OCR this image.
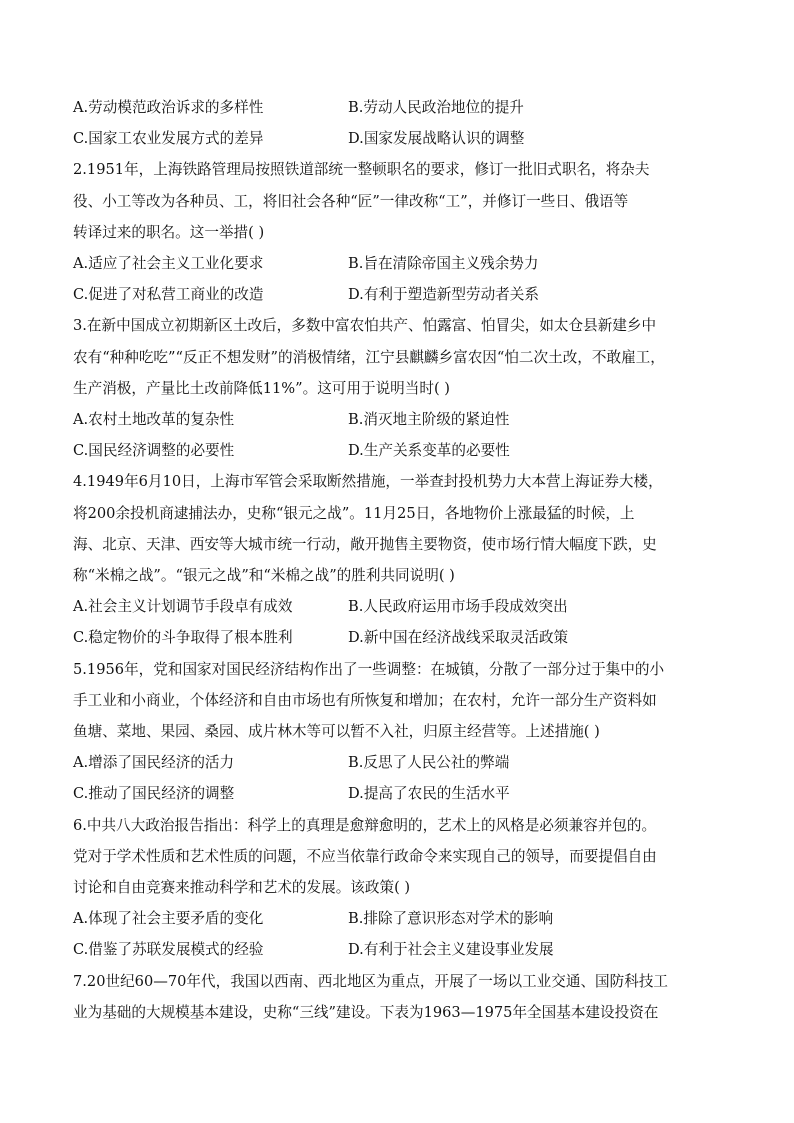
A.劳动模范政治诉求的多样性	B.劳动人民政治地位的提升
C.国家工农业发展方式的差异	D.国家发展战略认识的调整
2.1951年，上海铁路管理局按照铁道部统一整顿职名的要求，修订一批旧式职名，将杂夫
役、小工等改为各种员、工，将旧社会各种“匠”一律改称“工”，并修订一些日、俄语等
转译过来的职名。这一举措( )
A.适应了社会主义工业化要求	B.旨在清除帝国主义残余势力
C.促进了对私营工商业的改造	D.有利于塑造新型劳动者关系
3.在新中国成立初期新区土改后，多数中富农怕共产、怕露富、怕冒尖，如太仓县新建乡中
农有“种种吃吃”“反正不想发财”的消极情绪，江宁县麒麟乡富农因“怕二次土改，不敢雇工，
生产消极，产量比土改前降低11%”。这可用于说明当时( )
A.农村土地改革的复杂性	B.消灭地主阶级的紧迫性
C.国民经济调整的必要性	D.生产关系变革的必要性
4.1949年6月10日，上海市军管会采取断然措施，一举查封投机势力大本营上海证券大楼，
将200余投机商逮捕法办，史称“银元之战”。11月25日，各地物价上涨最猛的时候，上
海、北京、天津、西安等大城市统一行动，敞开抛售主要物资，使市场行情大幅度下跌，史
称“米棉之战”。“银元之战”和“米棉之战”的胜利共同说明( )
A.社会主义计划调节手段卓有成效	B.人民政府运用市场手段成效突出
C.稳定物价的斗争取得了根本胜利	D.新中国在经济战线采取灵活政策
5.1956年，党和国家对国民经济结构作出了一些调整：在城镇，分散了一部分过于集中的小
手工业和小商业，个体经济和自由市场也有所恢复和增加；在农村，允许一部分生产资料如
鱼塘、菜地、果园、桑园、成片林木等可以暂不入社，归原主经营等。上述措施( )
A.增添了国民经济的活力	B.反思了人民公社的弊端
C.推动了国民经济的调整	D.提高了农民的生活水平
6.中共八大政治报告指出：科学上的真理是愈辩愈明的，艺术上的风格是必须兼容并包的。
党对于学术性质和艺术性质的问题，不应当依靠行政命令来实现自己的领导，而要提倡自由
讨论和自由竞赛来推动科学和艺术的发展。该政策( )
A.体现了社会主要矛盾的变化	B.排除了意识形态对学术的影响
C.借鉴了苏联发展模式的经验	D.有利于社会主义建设事业发展
7.20世纪60—70年代，我国以西南、西北地区为重点，开展了一场以工业交通、国防科技工
业为基础的大规模基本建设，史称“三线”建设。下表为1963—1975年全国基本建设投资在
